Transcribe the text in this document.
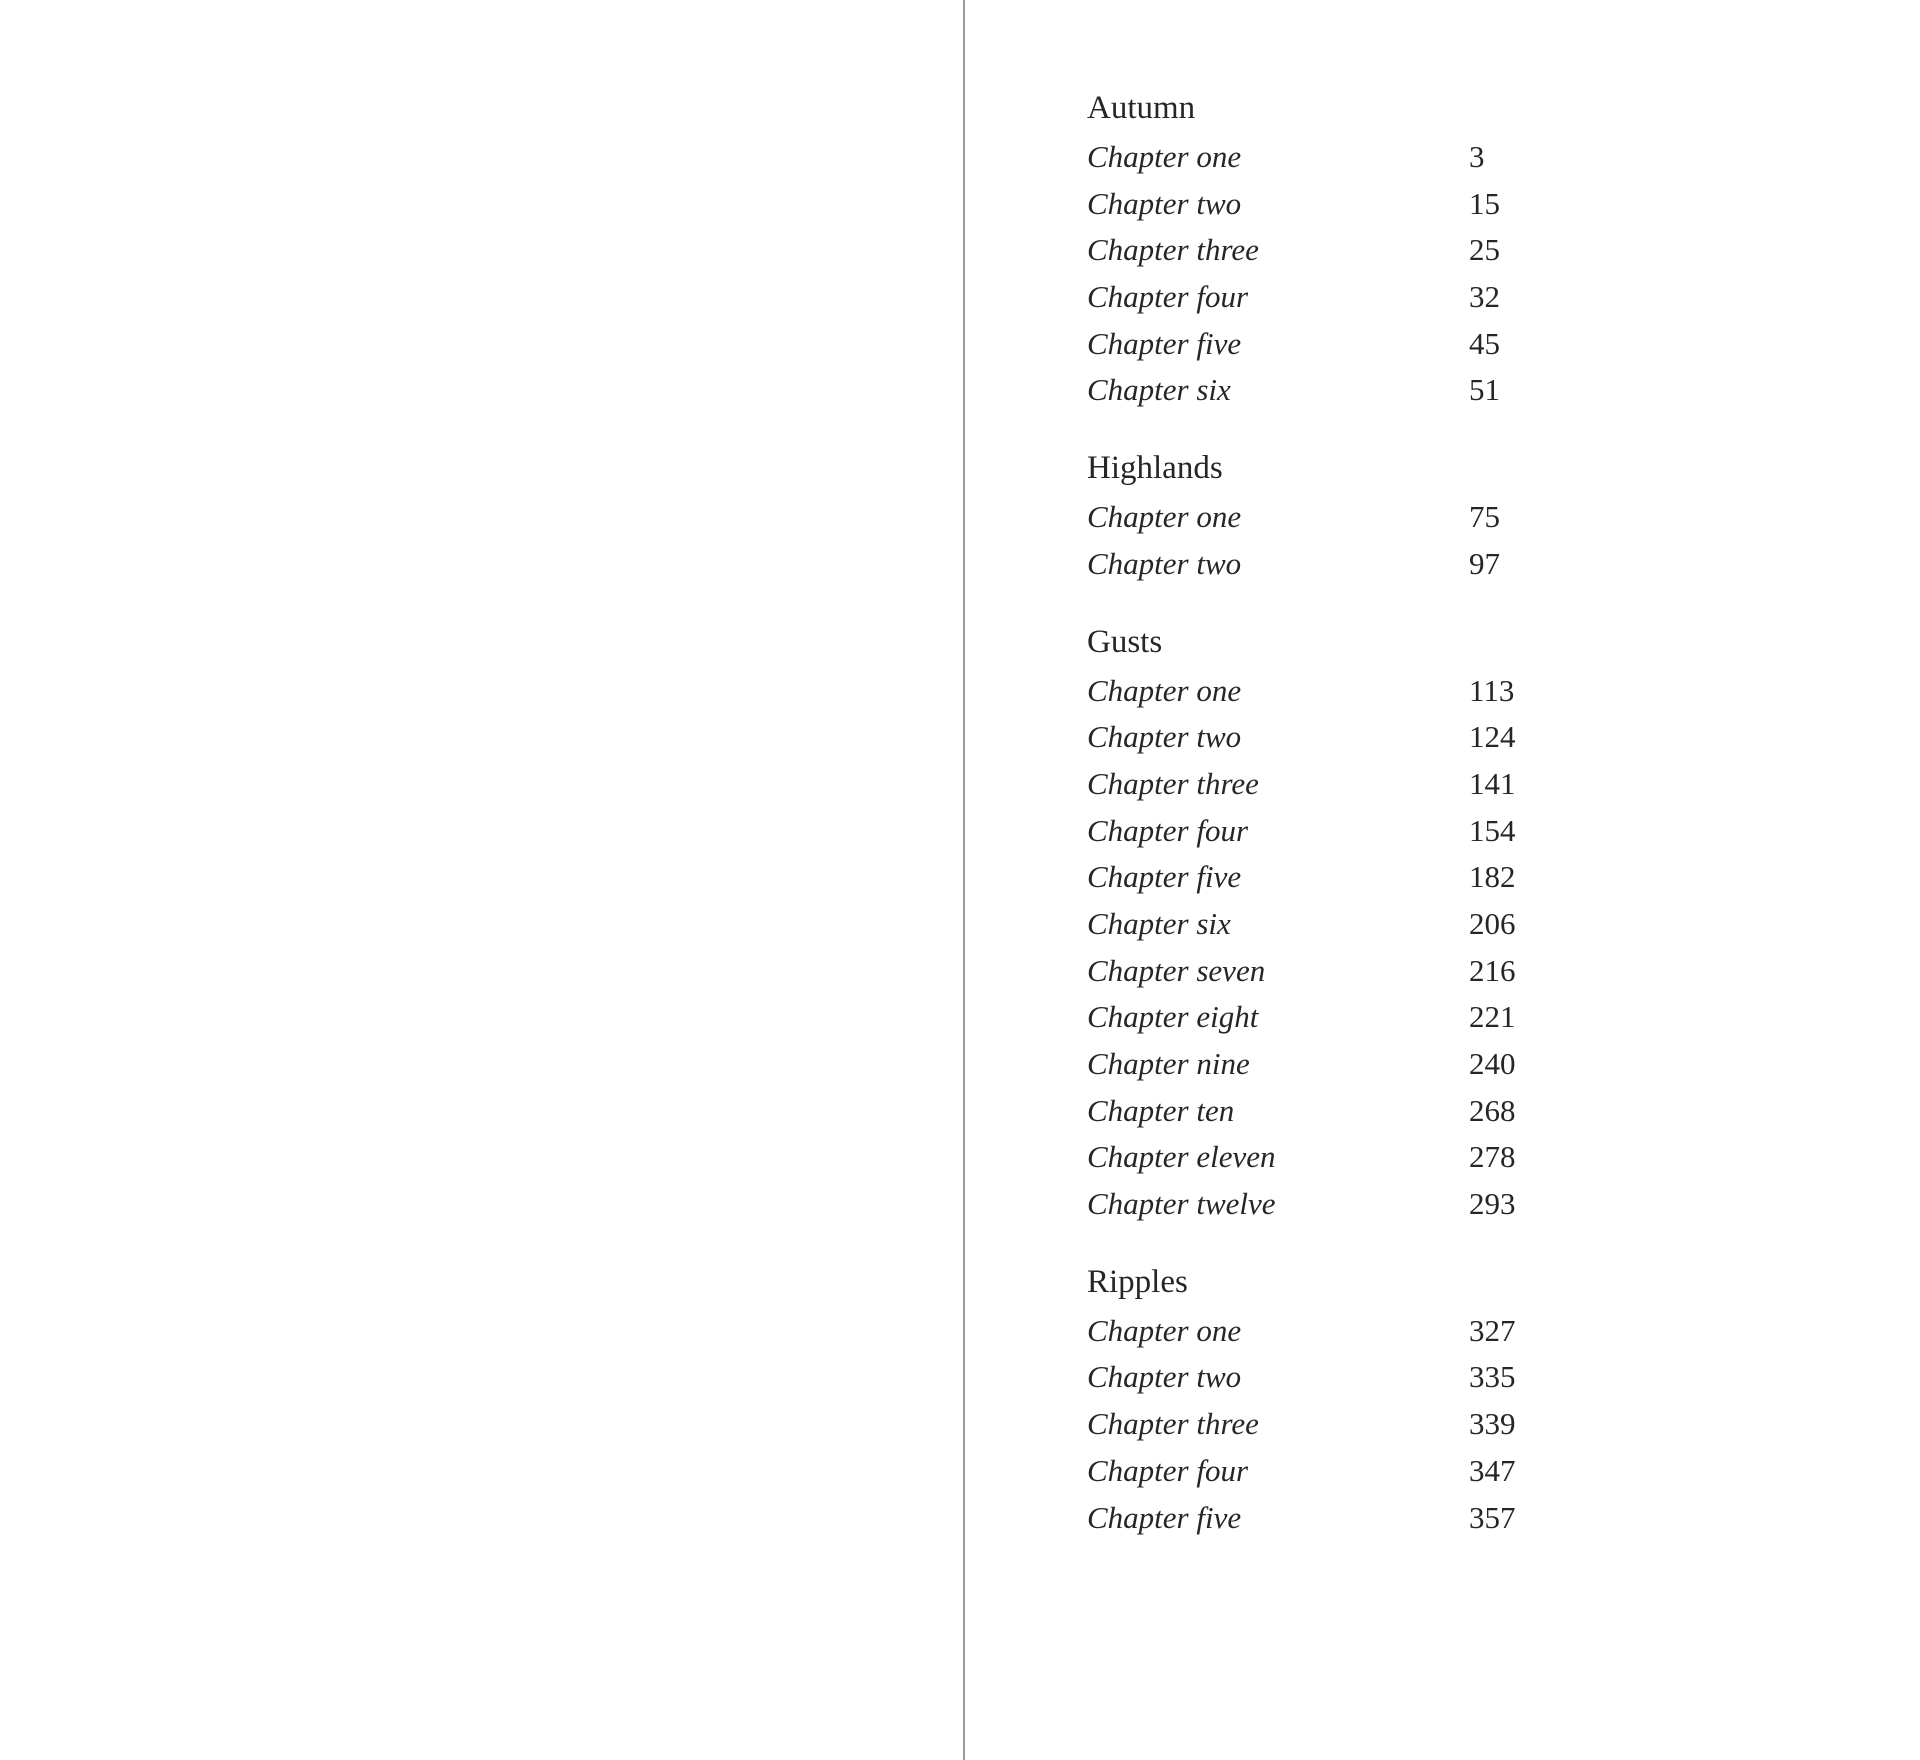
Autumn
Chapter one	3
Chapter two	15
Chapter three	25
Chapter four	32
Chapter five	45
Chapter six	51
Highlands
Chapter one	75
Chapter two	97
Gusts
Chapter one	113
Chapter two	124
Chapter three	141
Chapter four	154
Chapter five	182
Chapter six	206
Chapter seven	216
Chapter eight	221
Chapter nine	240
Chapter ten	268
Chapter eleven	278
Chapter twelve	293
Ripples
Chapter one	327
Chapter two	335
Chapter three	339
Chapter four	347
Chapter five	357
